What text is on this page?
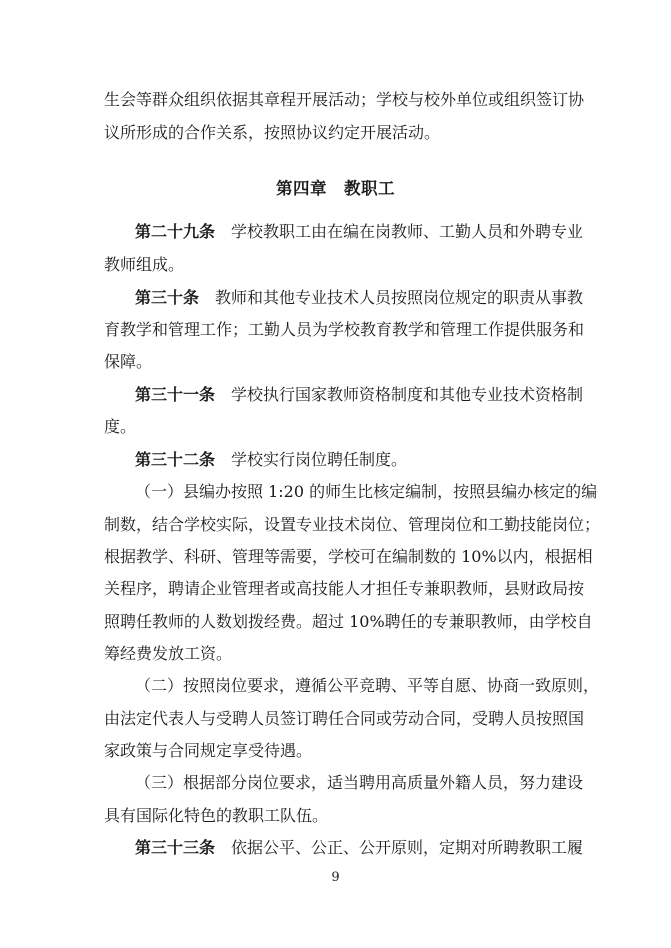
生会等群众组织依据其章程开展活动；学校与校外单位或组织签订协
议所形成的合作关系，按照协议约定开展活动。
第四章　教职工
第二十九条　学校教职工由在编在岗教师、工勤人员和外聘专业
教师组成。
第三十条　教师和其他专业技术人员按照岗位规定的职责从事教
育教学和管理工作；工勤人员为学校教育教学和管理工作提供服务和
保障。
第三十一条　学校执行国家教师资格制度和其他专业技术资格制
度。
第三十二条　学校实行岗位聘任制度。
（一）县编办按照 1:20 的师生比核定编制，按照县编办核定的编
制数，结合学校实际，设置专业技术岗位、管理岗位和工勤技能岗位；
根据教学、科研、管理等需要，学校可在编制数的 10%以内，根据相
关程序，聘请企业管理者或高技能人才担任专兼职教师，县财政局按
照聘任教师的人数划拨经费。超过 10%聘任的专兼职教师，由学校自
筹经费发放工资。
（二）按照岗位要求，遵循公平竞聘、平等自愿、协商一致原则，
由法定代表人与受聘人员签订聘任合同或劳动合同，受聘人员按照国
家政策与合同规定享受待遇。
（三）根据部分岗位要求，适当聘用高质量外籍人员，努力建设
具有国际化特色的教职工队伍。
第三十三条　依据公平、公正、公开原则，定期对所聘教职工履
9
